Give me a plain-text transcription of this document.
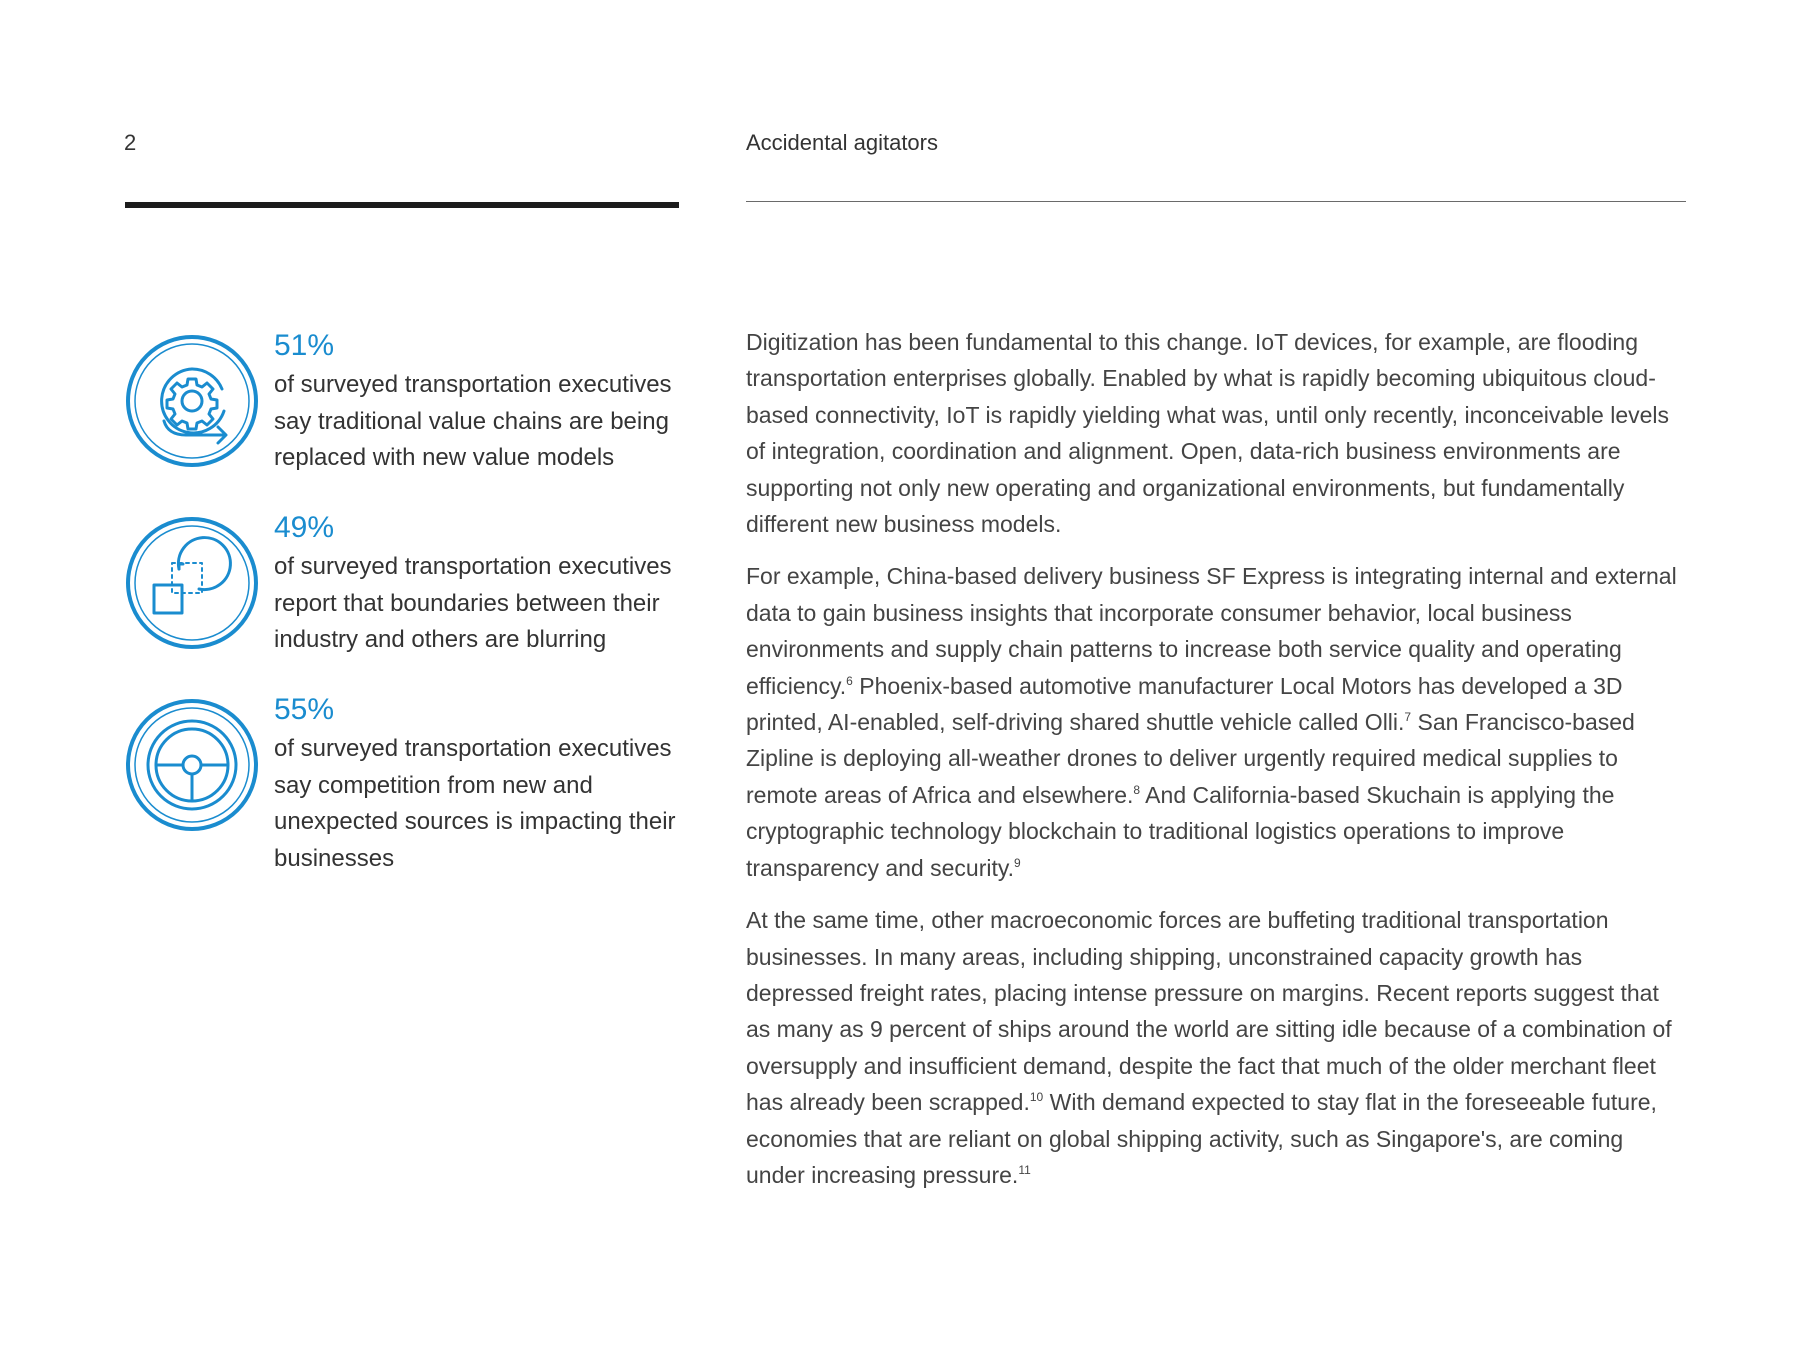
2	Accidental agitators
51%
of surveyed transportation executives say traditional value chains are being replaced with new value models
49%
of surveyed transportation executives report that boundaries between their industry and others are blurring
55%
of surveyed transportation executives say competition from new and unexpected sources is impacting their businesses

Digitization has been fundamental to this change. IoT devices, for example, are flooding transportation enterprises globally. Enabled by what is rapidly becoming ubiquitous cloud-based connectivity, IoT is rapidly yielding what was, until only recently, inconceivable levels of integration, coordination and alignment. Open, data-rich business environments are supporting not only new operating and organizational environments, but fundamentally different new business models.

For example, China-based delivery business SF Express is integrating internal and external data to gain business insights that incorporate consumer behavior, local business environments and supply chain patterns to increase both service quality and operating efficiency.$^6$ Phoenix-based automotive manufacturer Local Motors has developed a 3D printed, AI-enabled, self-driving shared shuttle vehicle called Olli.$^7$ San Francisco-based Zipline is deploying all-weather drones to deliver urgently required medical supplies to remote areas of Africa and elsewhere.$^8$ And California-based Skuchain is applying the cryptographic technology blockchain to traditional logistics operations to improve transparency and security.$^9$

At the same time, other macroeconomic forces are buffeting traditional transportation businesses. In many areas, including shipping, unconstrained capacity growth has depressed freight rates, placing intense pressure on margins. Recent reports suggest that as many as 9 percent of ships around the world are sitting idle because of a combination of oversupply and insufficient demand, despite the fact that much of the older merchant fleet has already been scrapped.$^{10}$ With demand expected to stay flat in the foreseeable future, economies that are reliant on global shipping activity, such as Singapore's, are coming under increasing pressure.$^{11}$
